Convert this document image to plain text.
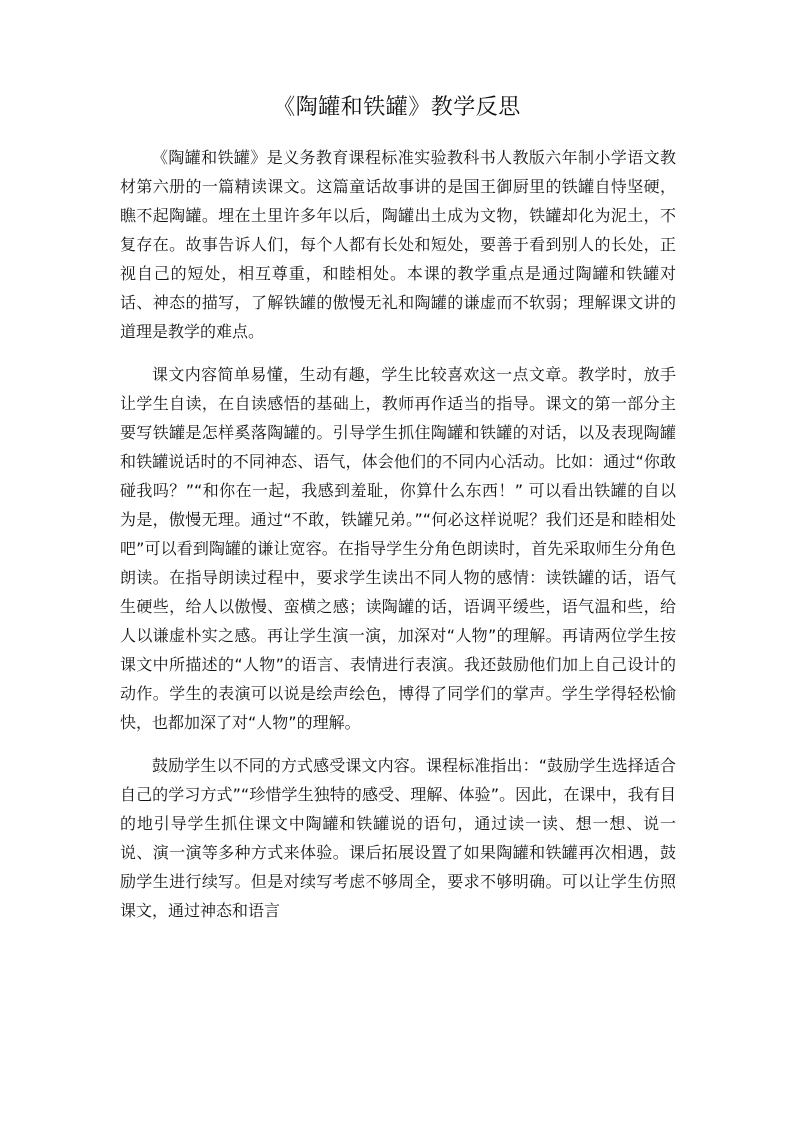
《陶罐和铁罐》教学反思

《陶罐和铁罐》是义务教育课程标准实验教科书人教版六年制小学语文教材第六册的一篇精读课文。这篇童话故事讲的是国王御厨里的铁罐自恃坚硬，瞧不起陶罐。埋在土里许多年以后，陶罐出土成为文物，铁罐却化为泥土，不复存在。故事告诉人们，每个人都有长处和短处，要善于看到别人的长处，正视自己的短处，相互尊重，和睦相处。本课的教学重点是通过陶罐和铁罐对话、神态的描写，了解铁罐的傲慢无礼和陶罐的谦虚而不软弱；理解课文讲的道理是教学的难点。

课文内容简单易懂，生动有趣，学生比较喜欢这一点文章。教学时，放手让学生自读，在自读感悟的基础上，教师再作适当的指导。课文的第一部分主要写铁罐是怎样奚落陶罐的。引导学生抓住陶罐和铁罐的对话，以及表现陶罐和铁罐说话时的不同神态、语气，体会他们的不同内心活动。比如：通过“你敢碰我吗？”“和你在一起，我感到羞耻，你算什么东西！” 可以看出铁罐的自以为是，傲慢无理。通过“不敢，铁罐兄弟。”“何必这样说呢？我们还是和睦相处吧”可以看到陶罐的谦让宽容。在指导学生分角色朗读时，首先采取师生分角色朗读。在指导朗读过程中，要求学生读出不同人物的感情：读铁罐的话，语气生硬些，给人以傲慢、蛮横之感；读陶罐的话，语调平缓些，语气温和些，给人以谦虚朴实之感。再让学生演一演，加深对“人物”的理解。再请两位学生按课文中所描述的“人物”的语言、表情进行表演。我还鼓励他们加上自己设计的动作。学生的表演可以说是绘声绘色，博得了同学们的掌声。学生学得轻松愉快，也都加深了对“人物”的理解。

鼓励学生以不同的方式感受课文内容。课程标准指出：“鼓励学生选择适合自己的学习方式”“珍惜学生独特的感受、理解、体验”。因此，在课中，我有目的地引导学生抓住课文中陶罐和铁罐说的语句，通过读一读、想一想、说一说、演一演等多种方式来体验。课后拓展设置了如果陶罐和铁罐再次相遇，鼓励学生进行续写。但是对续写考虑不够周全，要求不够明确。可以让学生仿照课文，通过神态和语言
